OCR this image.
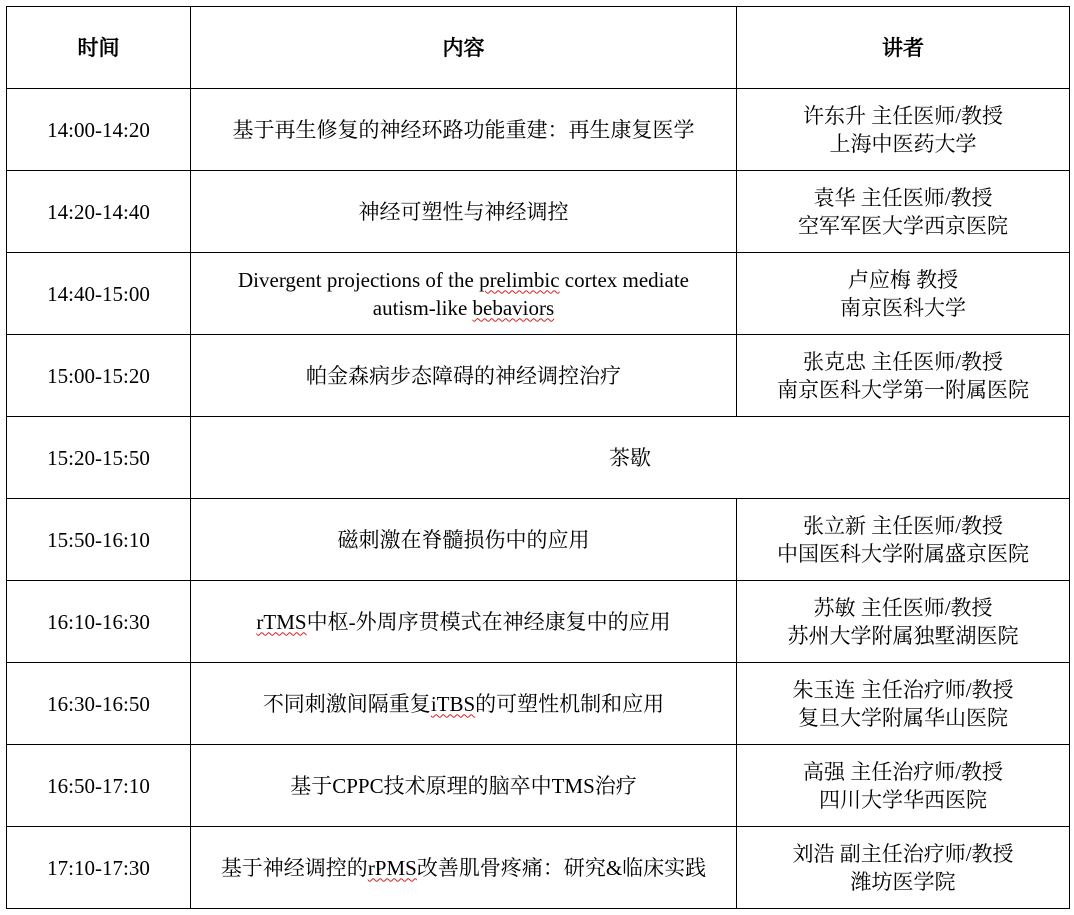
时间	内容	讲者
14:00-14:20	基于再生修复的神经环路功能重建：再生康复医学	许东升 主任医师/教授
上海中医药大学

14:20-14:40	神经可塑性与神经调控	袁华 主任医师/教授
空军军医大学西京医院

14:40-15:00	Divergent projections of the prelimbic cortex mediate
autism-like bebaviors	卢应梅 教授
南京医科大学

15:00-15:20	帕金森病步态障碍的神经调控治疗	张克忠 主任医师/教授
南京医科大学第一附属医院

15:20-15:50	茶歇	
15:50-16:10	磁刺激在脊髓损伤中的应用	张立新 主任医师/教授
中国医科大学附属盛京医院

16:10-16:30	rTMS中枢-外周序贯模式在神经康复中的应用	苏敏 主任医师/教授
苏州大学附属独墅湖医院

16:30-16:50	不同刺激间隔重复iTBS的可塑性机制和应用	朱玉连 主任治疗师/教授
复旦大学附属华山医院

16:50-17:10	基于CPPC技术原理的脑卒中TMS治疗	高强 主任治疗师/教授
四川大学华西医院

17:10-17:30	基于神经调控的rPMS改善肌骨疼痛：研究&临床实践	刘浩 副主任治疗师/教授
潍坊医学院
